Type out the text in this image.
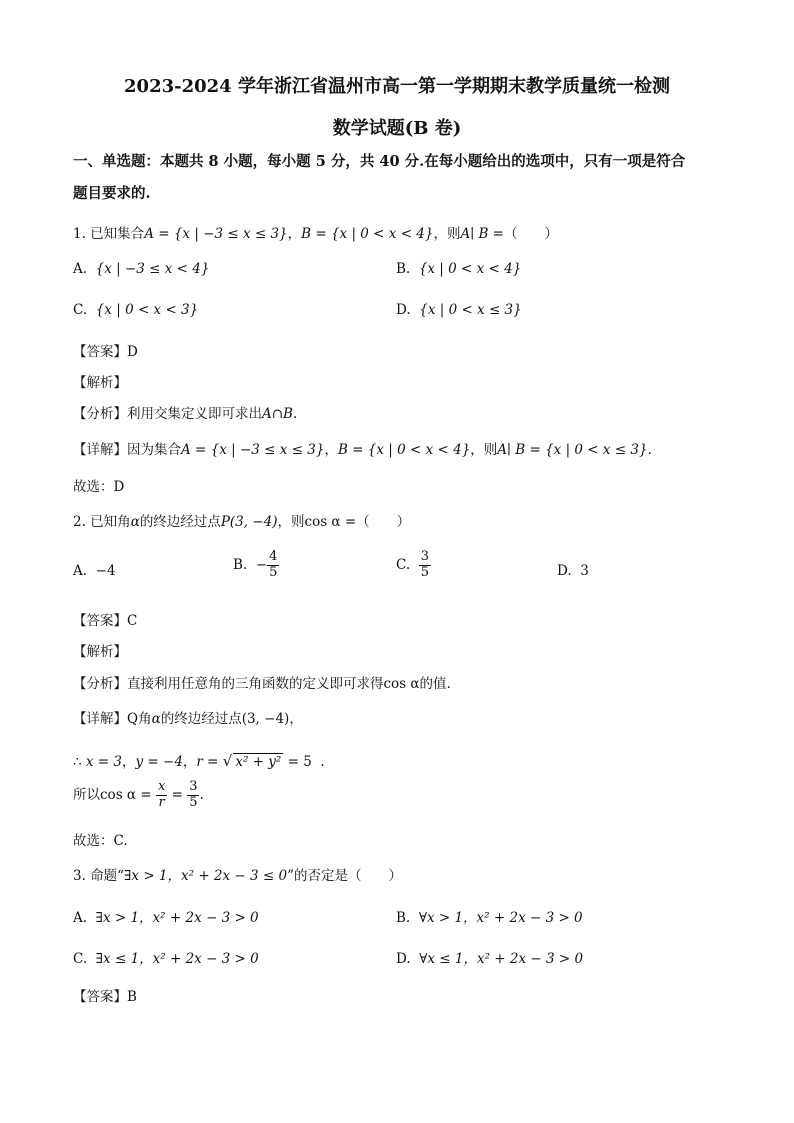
2023-2024 学年浙江省温州市高一第一学期期末教学质量统一检测
数学试题(B 卷)
一、单选题：本题共 8 小题，每小题 5 分，共 40 分.在每小题给出的选项中，只有一项是符合
题目要求的.
1. 已知集合A = {x | −3 ≤ x ≤ 3}，B = {x | 0 < x < 4}，则A∣ B =（　　）
A. {x | −3 ≤ x < 4}	B. {x | 0 < x < 4}
C. {x | 0 < x < 3}	D. {x | 0 < x ≤ 3}
【答案】D
【解析】
【分析】利用交集定义即可求出A∩B.
【详解】因为集合A = {x | −3 ≤ x ≤ 3}，B = {x | 0 < x < 4}，则A∣ B = {x | 0 < x ≤ 3}.
故选：D
2. 已知角α的终边经过点P(3, −4)，则cos α =（　　）
A. −4	B. − $\frac{4}{5}$	C. $\frac{3}{5}$	D. 3
【答案】C
【解析】
【分析】直接利用任意角的三角函数的定义即可求得cos α的值.
【详解】Q角α的终边经过点(3, −4)，
∴ x = 3，y = −4，r = √ x² + y² = 5 .
所以$\cos \alpha = \frac{x}{r} = \frac{3}{5}$ .
故选：C.
3. 命题“∃x > 1，x² + 2x − 3 ≤ 0”的否定是（　　）
A. ∃x > 1，x² + 2x − 3 > 0	B. ∀x > 1，x² + 2x − 3 > 0
C. ∃x ≤ 1，x² + 2x − 3 > 0	D. ∀x ≤ 1，x² + 2x − 3 > 0
【答案】B
